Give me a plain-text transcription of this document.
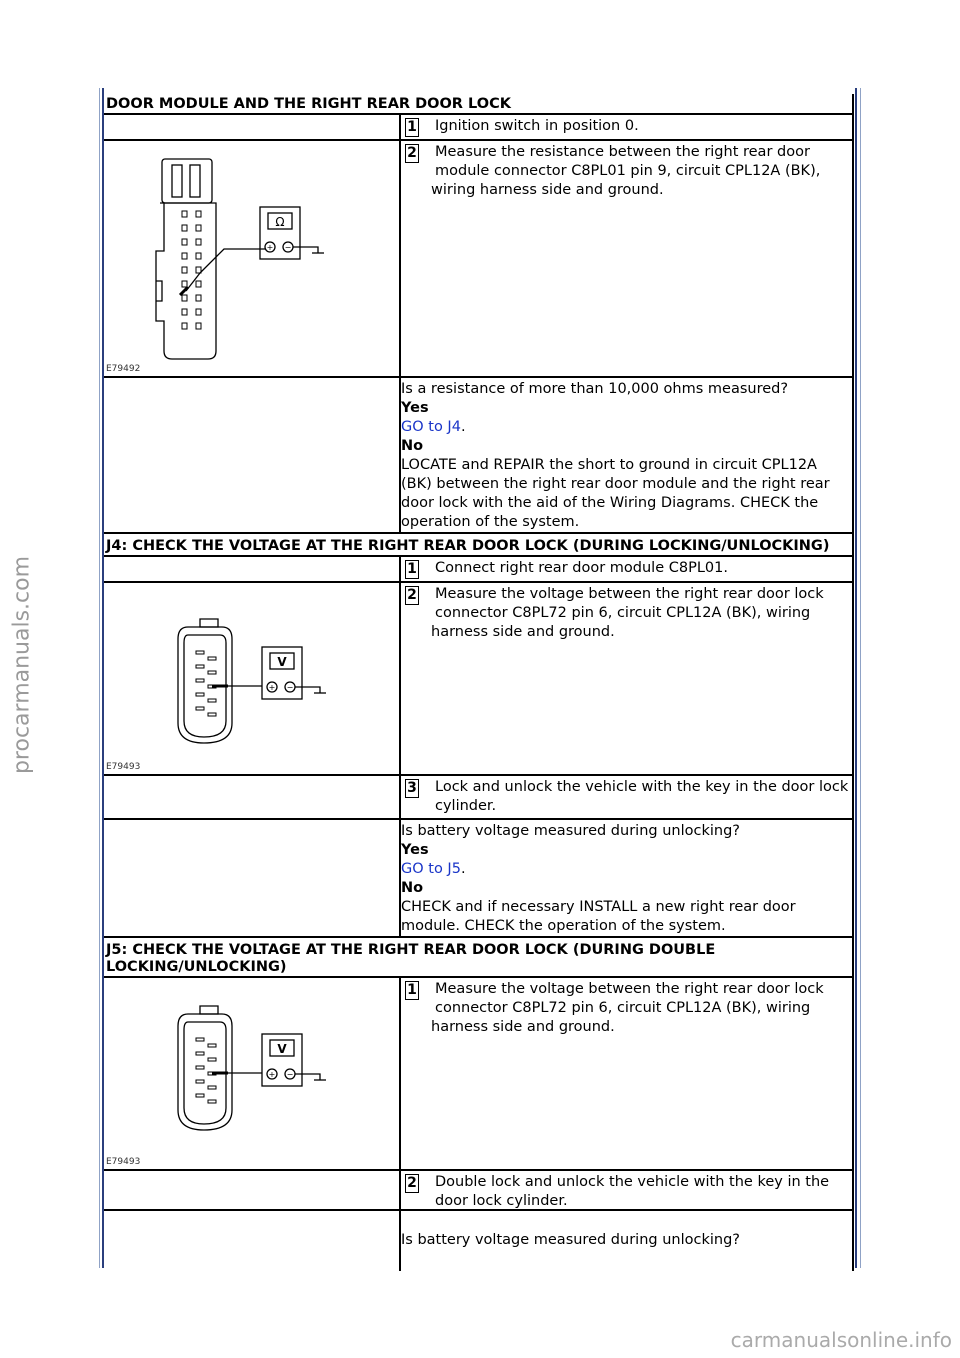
procarmanuals.com
carmanualsonline.info
DOOR MODULE AND THE RIGHT REAR DOOR LOCK
1	Ignition switch in position 0.
Ω
+ −
E79492
2	Measure the resistance between the right rear door module connector C8PL01 pin 9, circuit CPL12A (BK),
wiring harness side and ground.

Is a resistance of more than 10,000 ohms measured?

Yes

GO to J4.

No

LOCATE and REPAIR the short to ground in circuit CPL12A (BK) between the right rear door module and the right rear door lock with the aid of the Wiring Diagrams. CHECK the operation of the system.

J4: CHECK THE VOLTAGE AT THE RIGHT REAR DOOR LOCK (DURING LOCKING/UNLOCKING)
1	Connect right rear door module C8PL01.
V
+ −
E79493
2	Measure the voltage between the right rear door lock connector C8PL72 pin 6, circuit CPL12A (BK), wiring
harness side and ground.
3	Lock and unlock the vehicle with the key in the door lock cylinder.

Is battery voltage measured during unlocking?

Yes

GO to J5.

No

CHECK and if necessary INSTALL a new right rear door module. CHECK the operation of the system.

J5: CHECK THE VOLTAGE AT THE RIGHT REAR DOOR LOCK (DURING DOUBLE LOCKING/UNLOCKING)
V
+ −
E79493
1	Measure the voltage between the right rear door lock connector C8PL72 pin 6, circuit CPL12A (BK), wiring
harness side and ground.
2	Double lock and unlock the vehicle with the key in the door lock cylinder.

Is battery voltage measured during unlocking?
